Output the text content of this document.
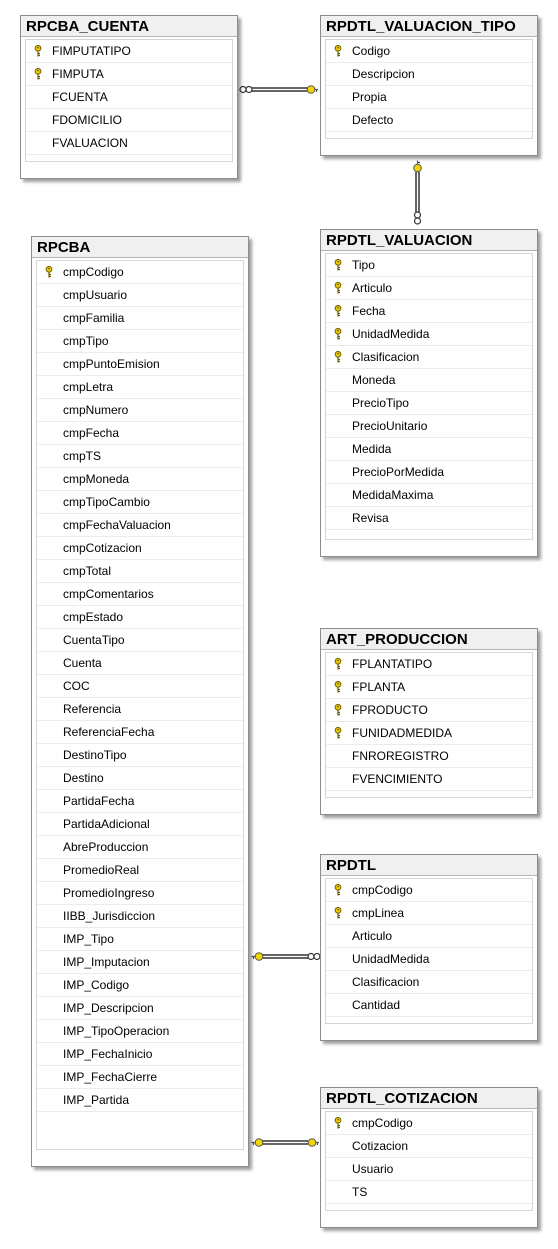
RPCBA_CUENTA
FIMPUTATIPO
FIMPUTA
FCUENTA
FDOMICILIO
FVALUACION
RPDTL_VALUACION_TIPO
Codigo
Descripcion
Propia
Defecto
RPDTL_VALUACION
Tipo
Articulo
Fecha
UnidadMedida
Clasificacion
Moneda
PrecioTipo
PrecioUnitario
Medida
PrecioPorMedida
MedidaMaxima
Revisa
RPCBA
cmpCodigo
cmpUsuario
cmpFamilia
cmpTipo
cmpPuntoEmision
cmpLetra
cmpNumero
cmpFecha
cmpTS
cmpMoneda
cmpTipoCambio
cmpFechaValuacion
cmpCotizacion
cmpTotal
cmpComentarios
cmpEstado
CuentaTipo
Cuenta
COC
Referencia
ReferenciaFecha
DestinoTipo
Destino
PartidaFecha
PartidaAdicional
AbreProduccion
PromedioReal
PromedioIngreso
IIBB_Jurisdiccion
IMP_Tipo
IMP_Imputacion
IMP_Codigo
IMP_Descripcion
IMP_TipoOperacion
IMP_FechaInicio
IMP_FechaCierre
IMP_Partida
ART_PRODUCCION
FPLANTATIPO
FPLANTA
FPRODUCTO
FUNIDADMEDIDA
FNROREGISTRO
FVENCIMIENTO
RPDTL
cmpCodigo
cmpLinea
Articulo
UnidadMedida
Clasificacion
Cantidad
RPDTL_COTIZACION
cmpCodigo
Cotizacion
Usuario
TS
